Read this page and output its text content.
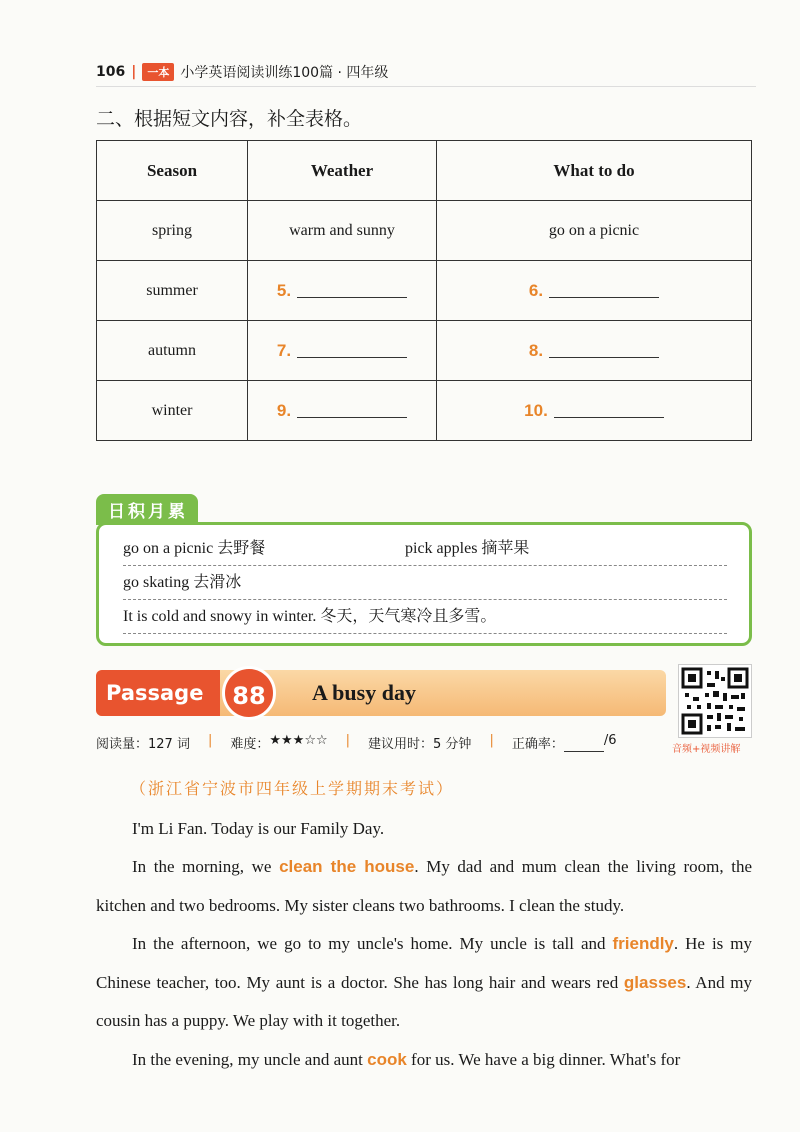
106 |	一本 小学英语阅读训练100篇 · 四年级
二、根据短文内容，补全表格。
Season	Weather	What to do
spring	warm and sunny	go on a picnic
summer	5.	6.
autumn	7.	8.
winter	9.	10.
日积月累
go on a picnic 去野餐	pick apples 摘苹果
go skating 去滑冰
It is cold and snowy in winter. 冬天，天气寒冷且多雪。
Passage	88	A busy day
音频+视频讲解
阅读量：127 词 | 难度： ★★★☆☆ | 建议用时：5 分钟 | 正确率：	/6
（浙江省宁波市四年级上学期期末考试）
I'm Li Fan. Today is our Family Day.
In the morning, we clean the house. My dad and mum clean the living room, the kitchen and two bedrooms. My sister cleans two bathrooms. I clean the study.
In the afternoon, we go to my uncle's home. My uncle is tall and friendly. He is my Chinese teacher, too. My aunt is a doctor. She has long hair and wears red glasses. And my cousin has a puppy. We play with it together.
In the evening, my uncle and aunt cook for us. We have a big dinner. What's for
